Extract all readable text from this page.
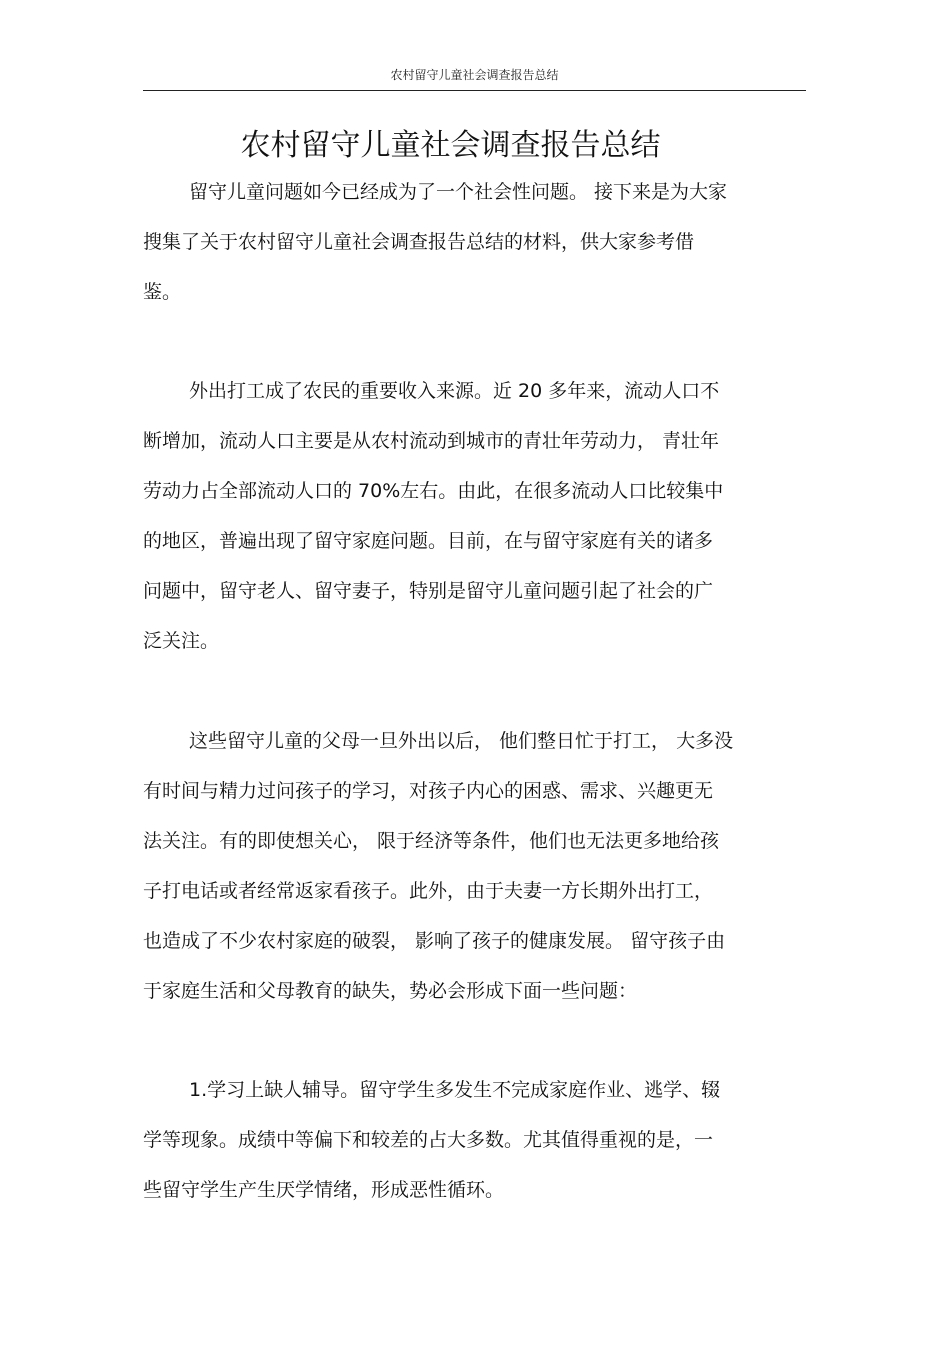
农村留守儿童社会调查报告总结
农村留守儿童社会调查报告总结
留守儿童问题如今已经成为了一个社会性问题。 接下来是为大家
搜集了关于农村留守儿童社会调查报告总结的材料，供大家参考借
鉴。
外出打工成了农民的重要收入来源。近 20 多年来，流动人口不
断增加，流动人口主要是从农村流动到城市的青壮年劳动力， 青壮年
劳动力占全部流动人口的 70%左右。由此，在很多流动人口比较集中
的地区，普遍出现了留守家庭问题。目前，在与留守家庭有关的诸多
问题中，留守老人、留守妻子，特别是留守儿童问题引起了社会的广
泛关注。
这些留守儿童的父母一旦外出以后， 他们整日忙于打工， 大多没
有时间与精力过问孩子的学习，对孩子内心的困惑、需求、兴趣更无
法关注。有的即使想关心， 限于经济等条件，他们也无法更多地给孩
子打电话或者经常返家看孩子。此外，由于夫妻一方长期外出打工，
也造成了不少农村家庭的破裂， 影响了孩子的健康发展。 留守孩子由
于家庭生活和父母教育的缺失，势必会形成下面一些问题：
1.学习上缺人辅导。留守学生多发生不完成家庭作业、逃学、辍
学等现象。成绩中等偏下和较差的占大多数。尤其值得重视的是，一
些留守学生产生厌学情绪，形成恶性循环。
